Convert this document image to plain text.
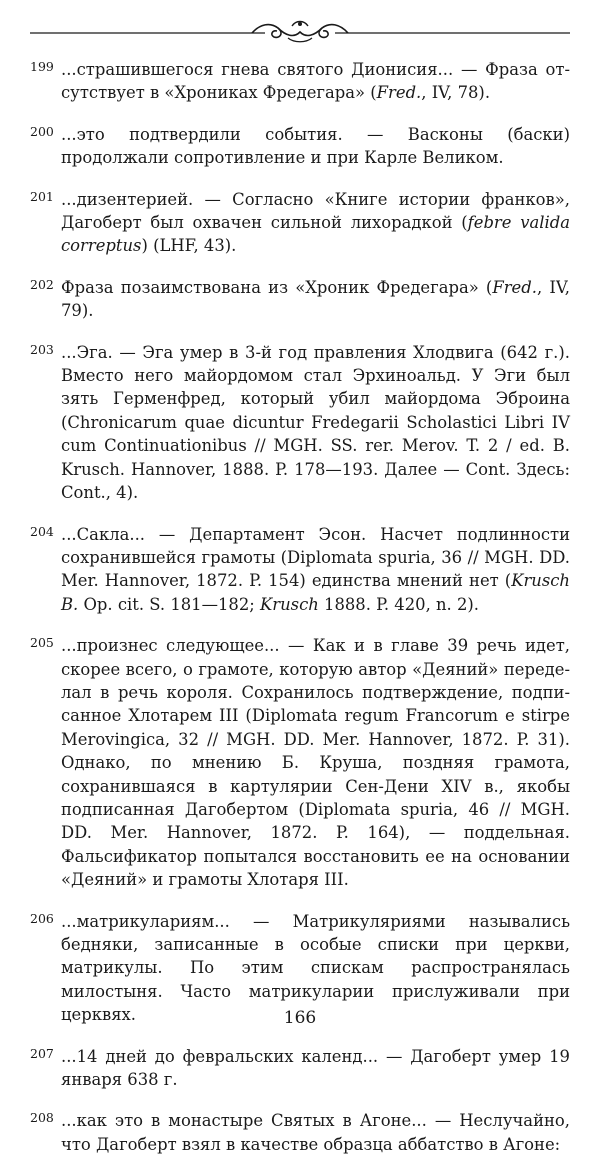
199 ...страшившегося гнева святого Дионисия... — Фраза отсутствует в «Хрониках Фредегара» (Fred., IV, 78).
200 ...это подтвердили события. — Васконы (баски) продолжали сопротивление и при Карле Великом.
201 ...дизентерией. — Согласно «Книге истории франков», Дагоберт был охвачен сильной лихорадкой (febre valida correptus) (LHF, 43).
202 Фраза позаимствована из «Хроник Фредегара» (Fred., IV, 79).
203 ...Эга. — Эга умер в 3-й год правления Хлодвига (642 г.). Вместо него майордомом стал Эрхиноальд. У Эги был зять Герменфред, который убил майордома Эброина (Chronicarum quae dicuntur Fredegarii Scholastici Libri IV cum Continuationibus // MGH. SS. rer. Merov. T. 2 / ed. B. Krusch. Hannover, 1888. P. 178—193. Далее — Cont. Здесь: Cont., 4).
204 ...Сакла... — Департамент Эсон. Насчет подлинности сохранившейся грамоты (Diplomata spuria, 36 // MGH. DD. Mer. Hannover, 1872. P. 154) единства мнений нет (Krusch B. Op. cit. S. 181—182; Krusch 1888. P. 420, n. 2).
205 ...произнес следующее... — Как и в главе 39 речь идет, скорее всего, о грамоте, которую автор «Деяний» переделал в речь короля. Сохранилось подтверждение, подписанное Хлотарем III (Diplomata regum Francorum e stirpe Merovingica, 32 // MGH. DD. Mer. Hannover, 1872. P. 31). Однако, по мнению Б. Круша, поздняя грамота, сохранившаяся в картулярии Сен-Дени XIV в., якобы подписанная Дагобертом (Diplomata spuria, 46 // MGH. DD. Mer. Hannover, 1872. P. 164), — поддельная. Фальсификатор попытался восстановить ее на основании «Деяний» и грамоты Хлотаря III.
206 ...матрикулариям... — Матрикуляриями назывались бедняки, записанные в особые списки при церкви, матрикулы. По этим спискам распространялась милостыня. Часто матрикуларии прислуживали при церквях.
207 ...14 дней до февральских календ... — Дагоберт умер 19 января 638 г.
208 ...как это в монастыре Святых в Агоне... — Неслучайно, что Дагоберт взял в качестве образца аббатство в Агоне:
166
